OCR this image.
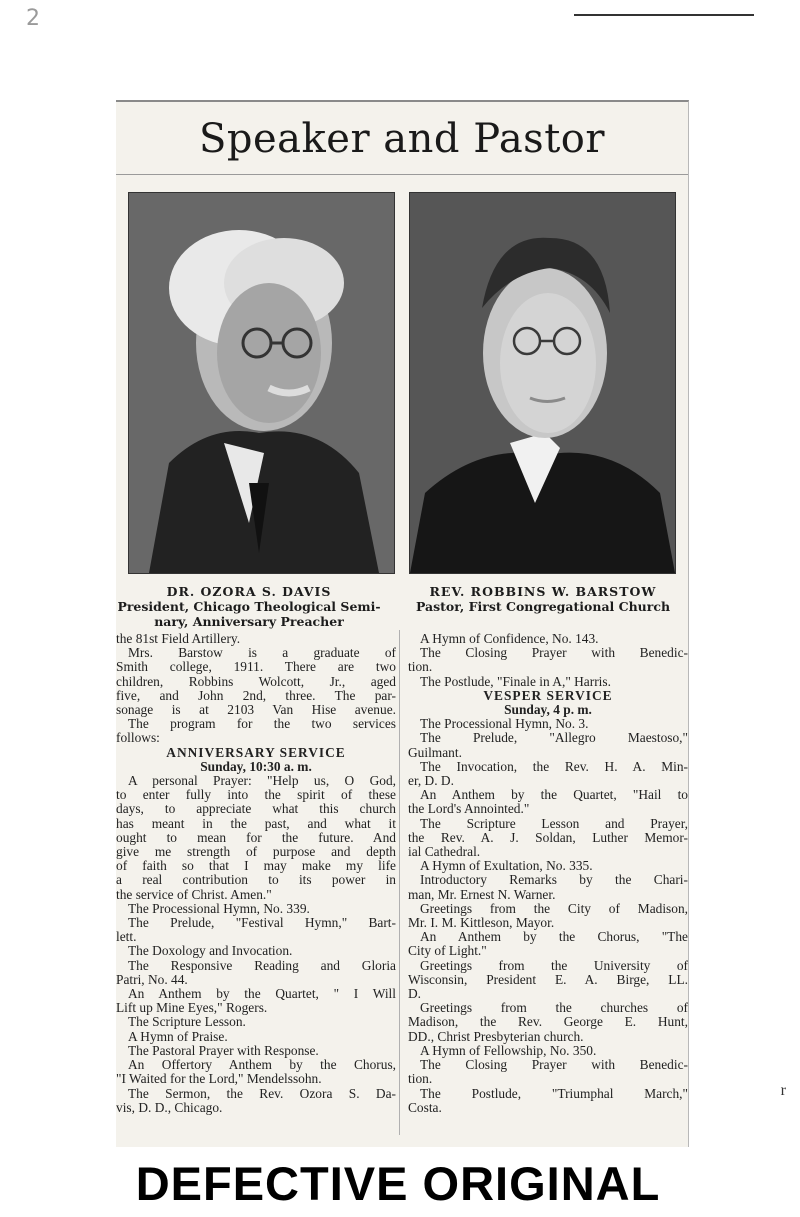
2
Speaker and Pastor
DR. OZORA S. DAVIS
President, Chicago Theological Semi-
nary, Anniversary Preacher
REV. ROBBINS W. BARSTOW
Pastor, First Congregational Church

the 81st Field Artillery.

Mrs. Barstow is a graduate of

Smith college, 1911. There are two

children, Robbins Wolcott, Jr., aged

five, and John 2nd, three. The par-

sonage is at 2103 Van Hise avenue.

The program for the two services

follows:

ANNIVERSARY SERVICE

Sunday, 10:30 a. m.

A personal Prayer: "Help us, O God,

to enter fully into the spirit of these

days, to appreciate what this church

has meant in the past, and what it

ought to mean for the future. And

give me strength of purpose and depth

of faith so that I may make my life

a real contribution to its power in

the service of Christ. Amen."

The Processional Hymn, No. 339.

The Prelude, "Festival Hymn," Bart-

lett.

The Doxology and Invocation.

The Responsive Reading and Gloria

Patri, No. 44.

An Anthem by the Quartet, " I Will

Lift up Mine Eyes," Rogers.

The Scripture Lesson.

A Hymn of Praise.

The Pastoral Prayer with Response.

An Offertory Anthem by the Chorus,

"I Waited for the Lord," Mendelssohn.

The Sermon, the Rev. Ozora S. Da-

vis, D. D., Chicago.

A Hymn of Confidence, No. 143.

The Closing Prayer with Benedic-

tion.

The Postlude, "Finale in A," Harris.

VESPER SERVICE

Sunday, 4 p. m.

The Processional Hymn, No. 3.

The Prelude, "Allegro Maestoso,"

Guilmant.

The Invocation, the Rev. H. A. Min-

er, D. D.

An Anthem by the Quartet, "Hail to

the Lord's Annointed."

The Scripture Lesson and Prayer,

the Rev. A. J. Soldan, Luther Memor-

ial Cathedral.

A Hymn of Exultation, No. 335.

Introductory Remarks by the Chari-

man, Mr. Ernest N. Warner.

Greetings from the City of Madison,

Mr. I. M. Kittleson, Mayor.

An Anthem by the Chorus, "The

City of Light."

Greetings from the University of

Wisconsin, President E. A. Birge, LL.

D.

Greetings from the churches of

Madison, the Rev. George E. Hunt,

DD., Christ Presbyterian church.

A Hymn of Fellowship, No. 350.

The Closing Prayer with Benedic-

tion.

The Postlude, "Triumphal March,"

Costa.

r
DEFECTIVE ORIGINAL
